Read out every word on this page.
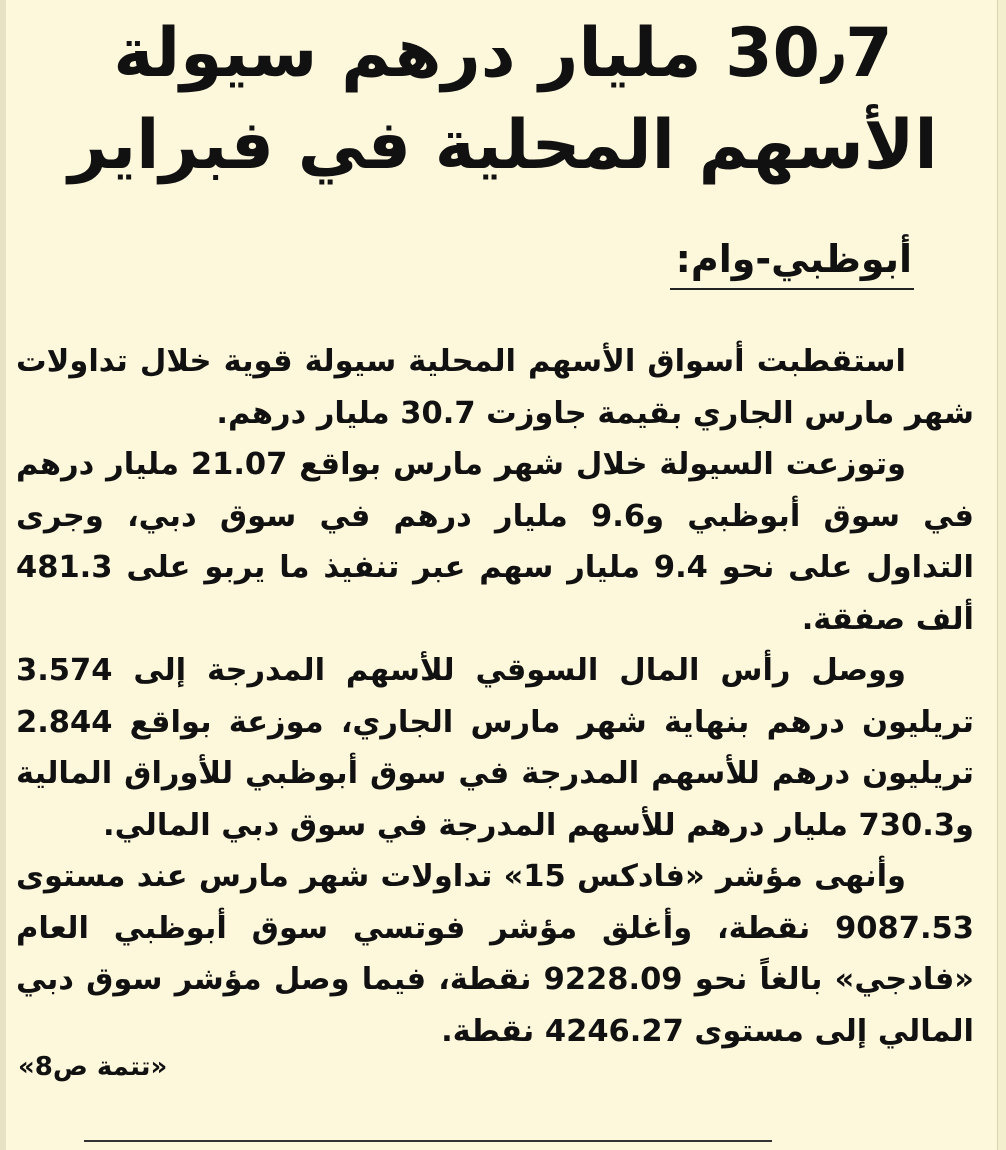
30٫7 مليار درهم سيولة
الأسهم المحلية في فبراير
أبوظبي-وام:

استقطبت أسواق الأسهم المحلية سيولة قوية خلال تداولات شهر مارس الجاري بقيمة جاوزت 30.7 مليار درهم.

وتوزعت السيولة خلال شهر مارس بواقع 21.07 مليار درهم في سوق أبوظبي و9.6 مليار درهم في سوق دبي، وجرى التداول على نحو 9.4 مليار سهم عبر تنفيذ ما يربو على 481.3 ألف صفقة.

ووصل رأس المال السوقي للأسهم المدرجة إلى 3.574 تريليون درهم بنهاية شهر مارس الجاري، موزعة بواقع 2.844 تريليون درهم للأسهم المدرجة في سوق أبوظبي للأوراق المالية و730.3 مليار درهم للأسهم المدرجة في سوق دبي المالي.

وأنهى مؤشر «فادكس 15» تداولات شهر مارس عند مستوى 9087.53 نقطة، وأغلق مؤشر فوتسي سوق أبوظبي العام «فادجي» بالغاً نحو 9228.09 نقطة، فيما وصل مؤشر سوق دبي المالي إلى مستوى 4246.27 نقطة.

«تتمة ص8»
